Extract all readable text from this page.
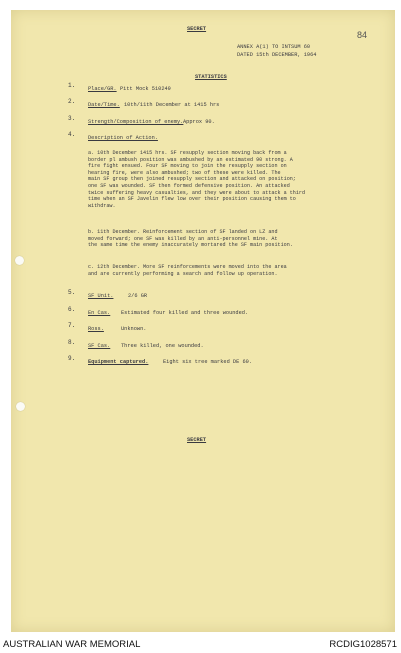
SECRET
84
ANNEX A(1) TO INTSUM 60
DATED 15th DECEMBER, 1964
STATISTICS
1. Place/GR. Pitt Mock 510249
2. Date/Time. 10th/11th December at 1415 hrs
3. Strength/Composition of enemy. Approx 90.
4. Description of Action.
a. 10th December 1415 hrs. SF resupply section moving back from a
border pl ambush position was ambushed by an estimated 90 strong. A
fire fight ensued. Four SF moving to join the resupply section on
hearing fire, were also ambushed; two of these were killed. The
main SF group then joined resupply section and attacked on position;
one SF was wounded. SF then formed defensive position. An attacked
twice suffering heavy casualties, and they were about to attack a third
time when an SF Javelin flew low over their position causing them to
withdraw.
b. 11th December. Reinforcement section of SF landed on LZ and
moved forward; one SF was killed by an anti-personnel mine. At
the same time the enemy inaccurately mortared the SF main position.
c. 12th December. More SF reinforcements were moved into the area
and are currently performing a search and follow up operation.
5. SF Unit.	2/6 GR
6. En Cas. Estimated four killed and three wounded.
7. Ross.	Unknown.
8. SF Cas. Three killed, one wounded.
9. Equipment captured.	Eight six tree marked DE 60.
SECRET
AUSTRALIAN WAR MEMORIAL	RCDIG1028571
